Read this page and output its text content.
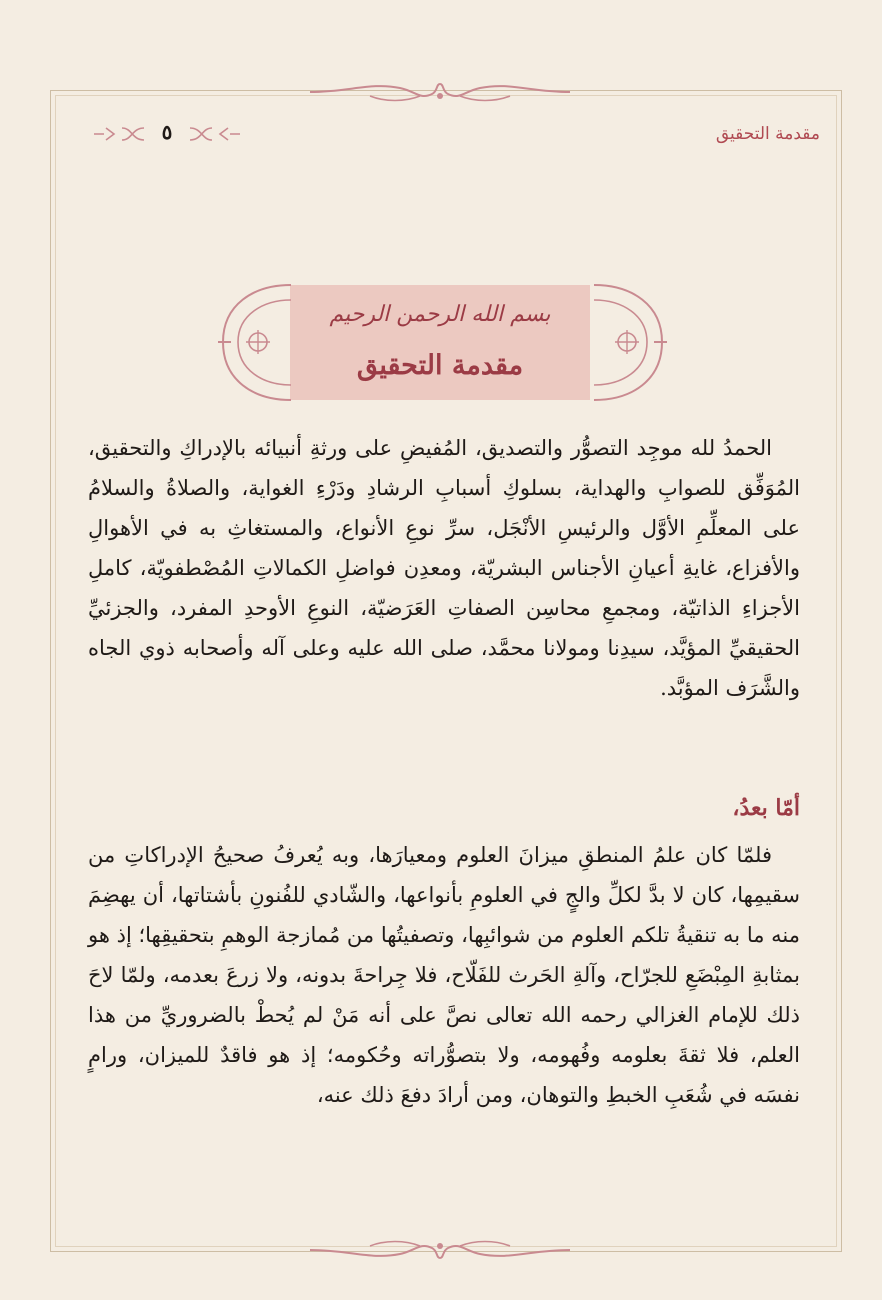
مقدمة التحقيق
٥
بسم الله الرحمن الرحيم
مقدمة التحقيق
الحمدُ لله موجِد التصوُّر والتصديق، المُفيضِ على ورثةِ أنبيائه بالإدراكِ والتحقيق، المُوَفِّق للصوابِ والهداية، بسلوكِ أسبابِ الرشادِ ودَرْءِ الغواية، والصلاةُ والسلامُ على المعلِّمِ الأوَّل والرئيسِ الأنْجَل، سرِّ نوعِ الأنواع، والمستغاثِ به في الأهوالِ والأفزاع، غايةِ أعيانِ الأجناس البشريّة، ومعدِن فواضلِ الكمالاتِ المُصْطفويّة، كاملِ الأجزاءِ الذاتيّة، ومجمعِ محاسِن الصفاتِ العَرَضيّة، النوعِ الأوحدِ المفرد، والجزئيِّ الحقيقيِّ المؤيَّد، سيدِنا ومولانا محمَّد، صلى الله عليه وعلى آله وأصحابه ذوي الجاه والشَّرَف المؤبَّد.
أمّا بعدُ،
فلمّا كان علمُ المنطقِ ميزانَ العلوم ومعيارَها، وبه يُعرفُ صحيحُ الإدراكاتِ من سقيمِها، كان لا بدَّ لكلِّ والجٍ في العلومِ بأنواعها، والشّادي للفُنونِ بأشتاتها، أن يهضِمَ منه ما به تنقيةُ تلكم العلوم من شوائبِها، وتصفيتُها من مُمازجة الوهمِ بتحقيقِها؛ إذ هو بمثابةِ المِبْضَعِ للجرّاح، وآلةِ الحَرث للفَلّاح، فلا جِراحةَ بدونه، ولا زرعَ بعدمه، ولمّا لاحَ ذلك للإمام الغزالي رحمه الله تعالى نصَّ على أنه مَنْ لم يُحطْ بالضروريِّ من هذا العلم، فلا ثقةَ بعلومه وفُهومه، ولا بتصوُّراته وحُكومه؛ إذ هو فاقدٌ للميزان، ورامٍ نفسَه في شُعَبِ الخبطِ والتوهان، ومن أرادَ دفعَ ذلك عنه،
